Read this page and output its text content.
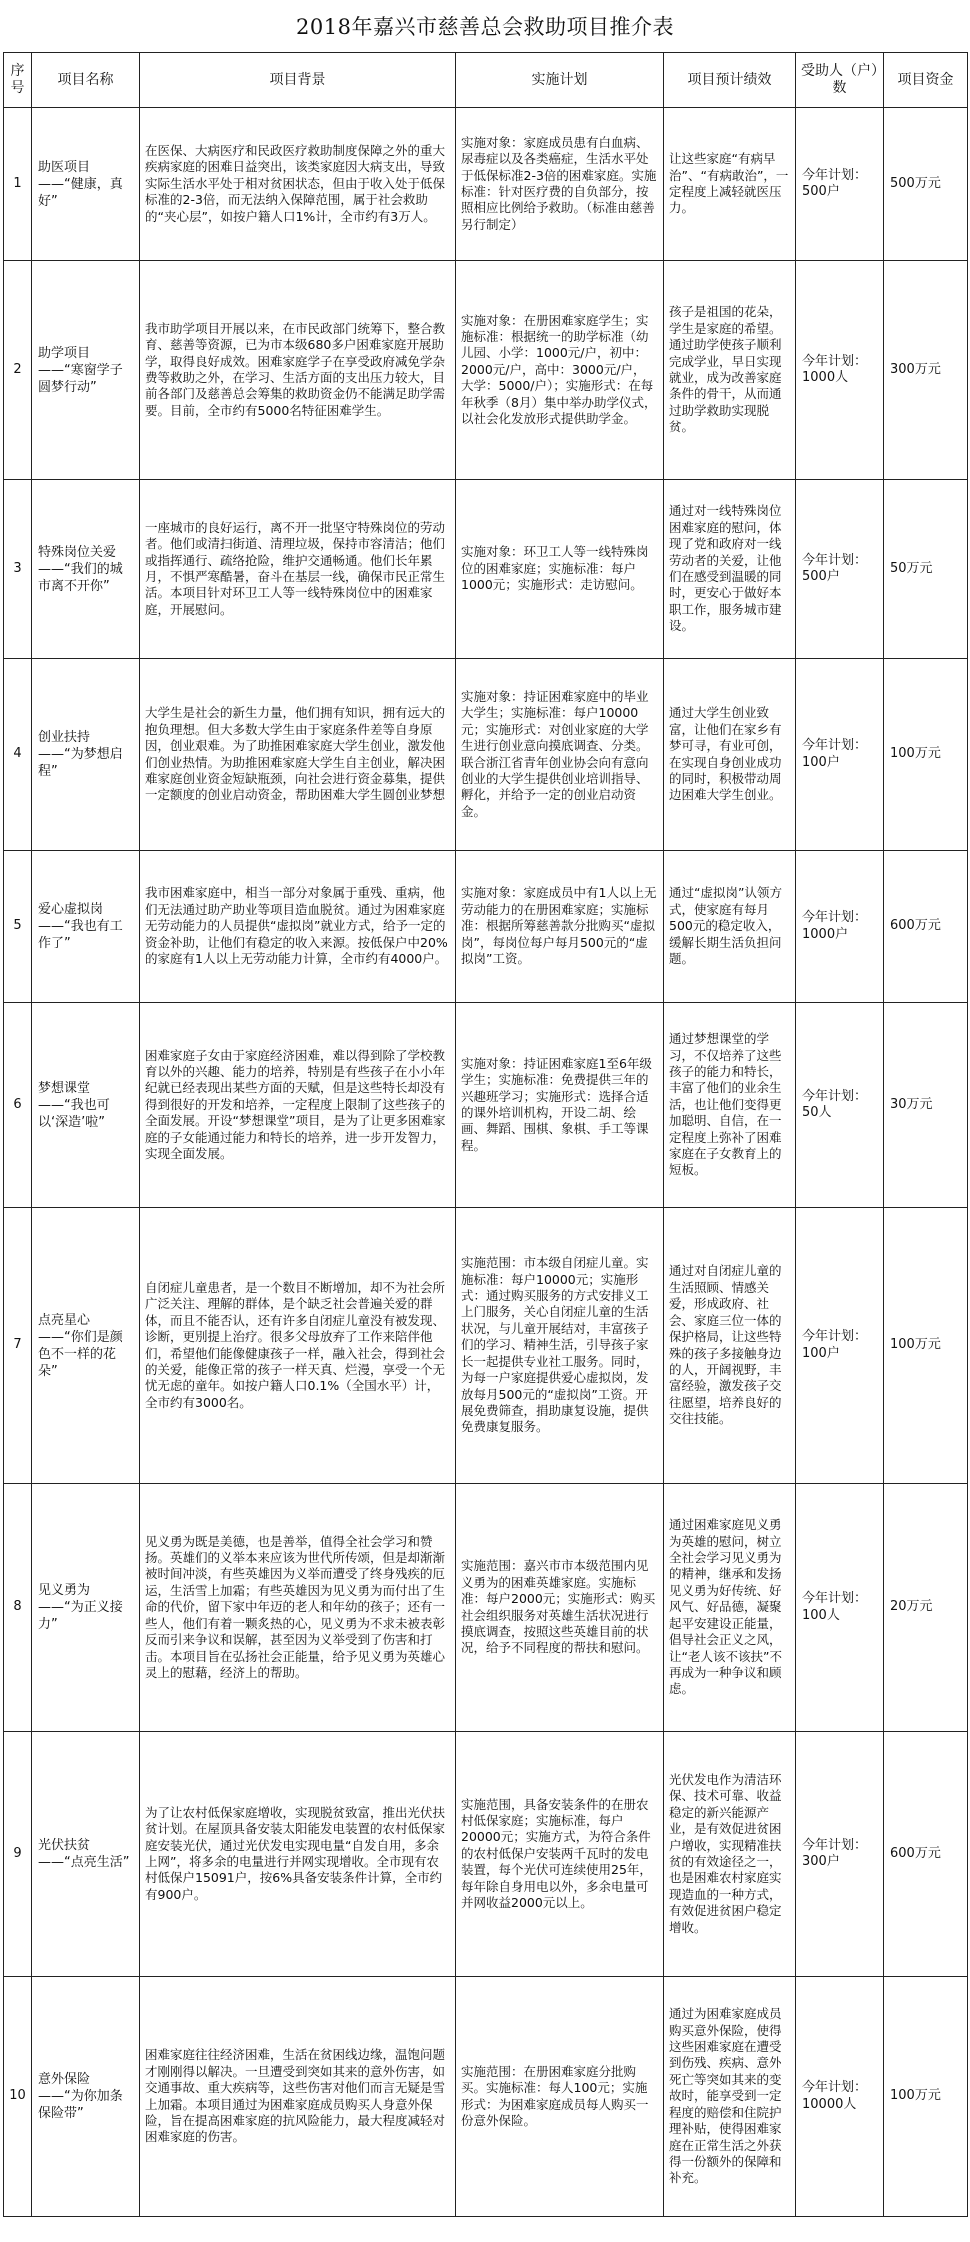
2018年嘉兴市慈善总会救助项目推介表
序号	项目名称	项目背景	实施计划	项目预计绩效	受助人（户）数	项目资金
1	助医项目 ——“健康，真好”	在医保、大病医疗和民政医疗救助制度保障之外的重大疾病家庭的困难日益突出，该类家庭因大病支出，导致实际生活水平处于相对贫困状态，但由于收入处于低保标准的2-3倍，而无法纳入保障范围，属于社会救助的“夹心层”，如按户籍人口1%计，全市约有3万人。	实施对象：家庭成员患有白血病、尿毒症以及各类癌症，生活水平处于低保标准2-3倍的困难家庭。实施标准：针对医疗费的自负部分，按照相应比例给予救助。（标准由慈善另行制定）	让这些家庭“有病早治”、“有病敢治”，一定程度上减轻就医压力。	今年计划：500户	500万元
2	助学项目——“寒窗学子圆梦行动”	我市助学项目开展以来，在市民政部门统筹下，整合教育、慈善等资源，已为市本级680多户困难家庭开展助学，取得良好成效。困难家庭学子在享受政府减免学杂费等救助之外，在学习、生活方面的支出压力较大，目前各部门及慈善总会筹集的救助资金仍不能满足助学需要。目前，全市约有5000名特征困难学生。	实施对象：在册困难家庭学生；实施标准：根据统一的助学标准（幼儿园、小学：1000元/户，初中：2000元/户，高中：3000元/户，大学：5000/户）；实施形式：在每年秋季（8月）集中举办助学仪式，以社会化发放形式提供助学金。	孩子是祖国的花朵，学生是家庭的希望。通过助学使孩子顺利完成学业，早日实现就业，成为改善家庭条件的骨干，从而通过助学救助实现脱贫。	今年计划：1000人	300万元
3	特殊岗位关爱——“我们的城市离不开你”	一座城市的良好运行，离不开一批坚守特殊岗位的劳动者。他们或清扫街道、清理垃圾，保持市容清洁；他们或指挥通行、疏络抢险，维护交通畅通。他们长年累月，不惧严寒酷暑，奋斗在基层一线，确保市民正常生活。本项目针对环卫工人等一线特殊岗位中的困难家庭，开展慰问。	实施对象：环卫工人等一线特殊岗位的困难家庭；实施标准：每户1000元；实施形式：走访慰问。	通过对一线特殊岗位困难家庭的慰问，体现了党和政府对一线劳动者的关爱，让他们在感受到温暖的同时，更安心于做好本职工作，服务城市建设。	今年计划：500户	50万元
4	创业扶持 ——“为梦想启程”	大学生是社会的新生力量，他们拥有知识，拥有远大的抱负理想。但大多数大学生由于家庭条件差等自身原因，创业艰难。为了助推困难家庭大学生创业，激发他们创业热情。为助推困难家庭大学生自主创业，解决困难家庭创业资金短缺瓶颈，向社会进行资金募集，提供一定额度的创业启动资金，帮助困难大学生圆创业梦想	实施对象：持证困难家庭中的毕业大学生；实施标准：每户10000元；实施形式：对创业家庭的大学生进行创业意向摸底调查、分类。联合浙江省青年创业协会向有意向创业的大学生提供创业培训指导、孵化，并给予一定的创业启动资金。	通过大学生创业致富，让他们在家乡有梦可寻，有业可创，在实现自身创业成功的同时，积极带动周边困难大学生创业。	今年计划：100户	100万元
5	爱心虚拟岗——“我也有工作了”	我市困难家庭中，相当一部分对象属于重残、重病，他们无法通过助产助业等项目造血脱贫。通过为困难家庭无劳动能力的人员提供“虚拟岗”就业方式，给予一定的资金补助，让他们有稳定的收入来源。按低保户中20%的家庭有1人以上无劳动能力计算，全市约有4000户。	实施对象：家庭成员中有1人以上无劳动能力的在册困难家庭；实施标准：根据所筹慈善款分批购买“虚拟岗”，每岗位每户每月500元的“虚拟岗”工资。	通过“虚拟岗”认领方式，使家庭有每月500元的稳定收入，缓解长期生活负担问题。	今年计划：1000户	600万元
6	梦想课堂——“我也可以‘深造’啦”	困难家庭子女由于家庭经济困难，难以得到除了学校教育以外的兴趣、能力的培养，特别是有些孩子在小小年纪就已经表现出某些方面的天赋，但是这些特长却没有得到很好的开发和培养，一定程度上限制了这些孩子的全面发展。开设“梦想课堂”项目，是为了让更多困难家庭的子女能通过能力和特长的培养，进一步开发智力，实现全面发展。	实施对象：持证困难家庭1至6年级学生；实施标准：免费提供三年的兴趣班学习；实施形式：选择合适的课外培训机构，开设二胡、绘画、舞蹈、围棋、象棋、手工等课程。	通过梦想课堂的学习，不仅培养了这些孩子的能力和特长，丰富了他们的业余生活，也让他们变得更加聪明、自信，在一定程度上弥补了困难家庭在子女教育上的短板。	今年计划：50人	30万元
7	点亮星心——“你们是颜色不一样的花朵”	自闭症儿童患者，是一个数目不断增加，却不为社会所广泛关注、理解的群体，是个缺乏社会普遍关爱的群体，而且不能否认，还有许多自闭症儿童没有被发现、诊断，更別提上治疗。很多父母放弃了工作来陪伴他们，希望他们能像健康孩子一样，融入社会，得到社会的关爱，能像正常的孩子一样天真、烂漫，享受一个无忧无虑的童年。如按户籍人口0.1%（全国水平）计，全市约有3000名。	实施范围：市本级自闭症儿童。实施标准：每户10000元；实施形式：通过购买服务的方式安排义工上门服务，关心自闭症儿童的生活状况，与儿童开展结对，丰富孩子们的学习、精神生活，引导孩子家长一起提供专业社工服务。同时，为每一户家庭提供爱心虚拟岗，发放每月500元的“虚拟岗”工资。开展免费筛查，捐助康复设施，提供免费康复服务。	通过对自闭症儿童的生活照顾、情感关爱，形成政府、社会、家庭三位一体的保护格局，让这些特殊的孩子多接触身边的人，开阔视野，丰富经验，激发孩子交往愿望，培养良好的交往技能。	今年计划：100户	100万元
8	见义勇为——“为正义接力”	见义勇为既是美德，也是善举，值得全社会学习和赞扬。英雄们的义举本来应该为世代所传颂，但是却渐渐被时间冲淡，有些英雄因为义举而遭受了终身残疾的厄运，生活雪上加霜；有些英雄因为见义勇为而付出了生命的代价，留下家中年迈的老人和年幼的孩子；还有一些人，他们有着一颗炙热的心，见义勇为不求未被表彰反而引来争议和误解，甚至因为义举受到了伤害和打击。本项目旨在弘扬社会正能量，给予见义勇为英雄心灵上的慰藉，经济上的帮助。	实施范围：嘉兴市市本级范围内见义勇为的困难英雄家庭。实施标准：每户2000元；实施形式：购买社会组织服务对英雄生活状况进行摸底调查，按照这些英雄目前的状况，给予不同程度的帮扶和慰问。	通过困难家庭见义勇为英雄的慰问，树立全社会学习见义勇为的精神，继承和发扬见义勇为好传统、好风气、好品德，凝聚起平安建设正能量，倡导社会正义之风，让“老人该不该扶”不再成为一种争议和顾虑。	今年计划：100人	20万元
9	光伏扶贫——“点亮生活”	为了让农村低保家庭增收，实现脱贫致富，推出光伏扶贫计划。在屋顶具备安装太阳能发电装置的农村低保家庭安装光伏，通过光伏发电实现电量“自发自用，多余上网”，将多余的电量进行并网实现增收。全市现有农村低保户15091户，按6%具备安装条件计算，全市约有900户。	实施范围，具备安装条件的在册农村低保家庭；实施标准，每户20000元；实施方式，为符合条件的农村低保户安装两千瓦时的发电装置，每个光伏可连续使用25年，每年除自身用电以外，多余电量可并网收益2000元以上。	光伏发电作为清洁环保、技术可靠、收益稳定的新兴能源产业，是有效促进贫困户增收，实现精准扶贫的有效途径之一，也是困难农村家庭实现造血的一种方式，有效促进贫困户稳定增收。	今年计划：300户	600万元
10	意外保险——“为你加条保险带”	困难家庭往往经济困难，生活在贫困线边缘，温饱问题才刚刚得以解决。一旦遭受到突如其来的意外伤害，如交通事故、重大疾病等，这些伤害对他们而言无疑是雪上加霜。本项目通过为困难家庭成员购买人身意外保险，旨在提高困难家庭的抗风险能力，最大程度减轻对困难家庭的伤害。	实施范围：在册困难家庭分批购买。实施标准：每人100元；实施形式：为困难家庭成员每人购买一份意外保险。	通过为困难家庭成员购买意外保险，使得这些困难家庭在遭受到伤残、疾病、意外死亡等突如其来的变故时，能享受到一定程度的赔偿和住院护理补贴，使得困难家庭在正常生活之外获得一份额外的保障和补充。	今年计划：10000人	100万元
